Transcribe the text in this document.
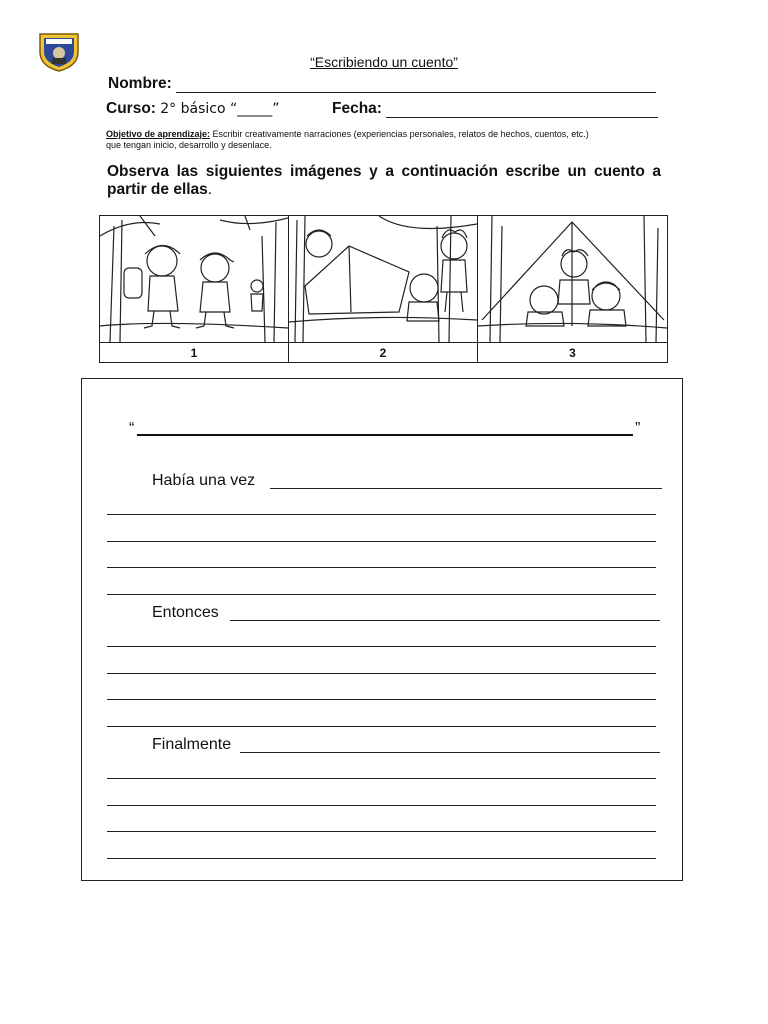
“Escribiendo un cuento”
Nombre:
Curso: 2° básico “_____”	Fecha:
Objetivo de aprendizaje: Escribir creativamente narraciones (experiencias personales, relatos de hechos, cuentos, etc.)
que tengan inicio, desarrollo y desenlace.
Observa las siguientes imágenes y a continuación escribe un cuento a partir de ellas.
1	2	3
“	”
Había una vez
Entonces
Finalmente
